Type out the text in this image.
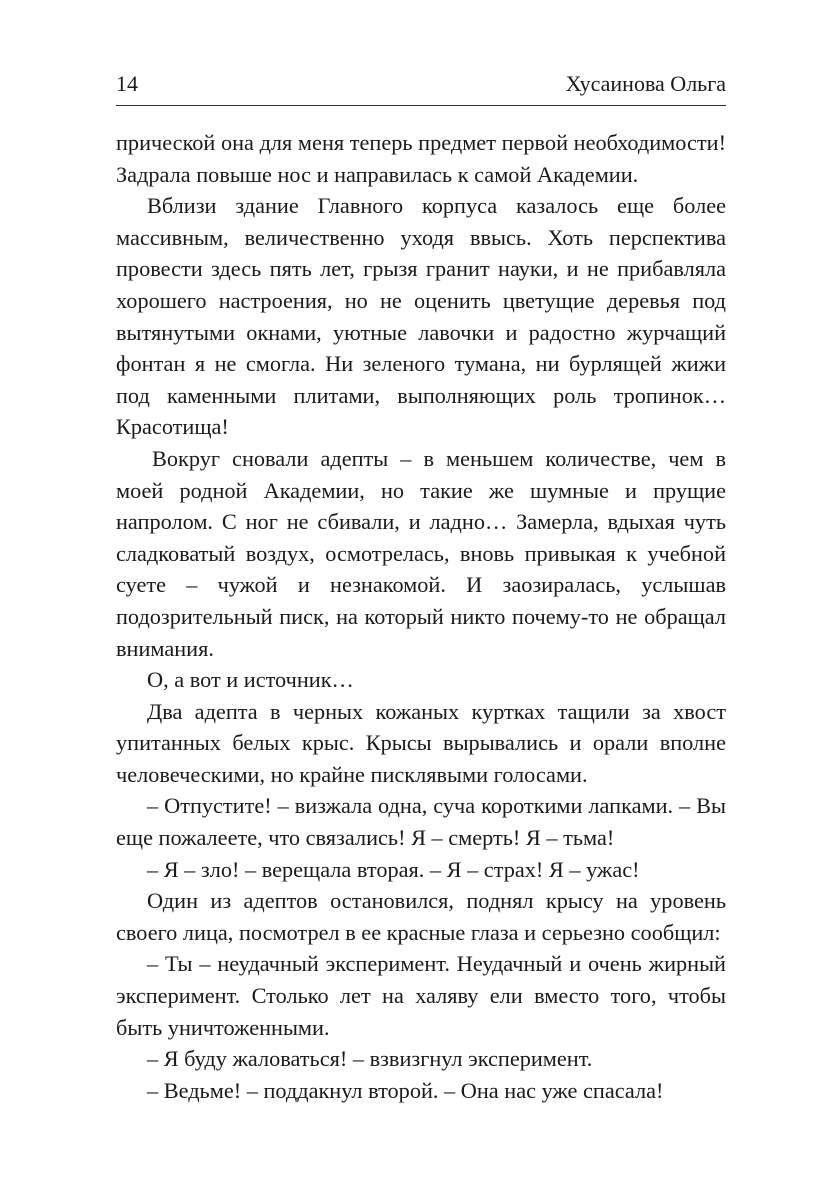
14	Хусаинова Ольга

прической она для меня теперь предмет первой необходимости! Задрала повыше нос и направилась к самой Академии.

Вблизи здание Главного корпуса казалось еще более массивным, величественно уходя ввысь. Хоть перспектива провести здесь пять лет, грызя гранит науки, и не прибавляла хорошего настроения, но не оценить цветущие деревья под вытянутыми окнами, уютные лавочки и радостно журчащий фонтан я не смогла. Ни зеленого тумана, ни бурлящей жижи под каменными плитами, выполняющих роль тропинок… Красотища!

Вокруг сновали адепты – в меньшем количестве, чем в моей родной Академии, но такие же шумные и прущие напролом. С ног не сбивали, и ладно… Замерла, вдыхая чуть сладковатый воздух, осмотрелась, вновь привыкая к учебной суете – чужой и незнакомой. И заозиралась, услышав подозрительный писк, на который никто почему-то не обращал внимания.

О, а вот и источник…

Два адепта в черных кожаных куртках тащили за хвост упитанных белых крыс. Крысы вырывались и орали вполне человеческими, но крайне писклявыми голосами.

– Отпустите! – визжала одна, суча короткими лапками. – Вы еще пожалеете, что связались! Я – смерть! Я – тьма!

– Я – зло! – верещала вторая. – Я – страх! Я – ужас!

Один из адептов остановился, поднял крысу на уровень своего лица, посмотрел в ее красные глаза и серьезно сообщил:

– Ты – неудачный эксперимент. Неудачный и очень жирный эксперимент. Столько лет на халяву ели вместо того, чтобы быть уничтоженными.

– Я буду жаловаться! – взвизгнул эксперимент.

– Ведьме! – поддакнул второй. – Она нас уже спасала!
